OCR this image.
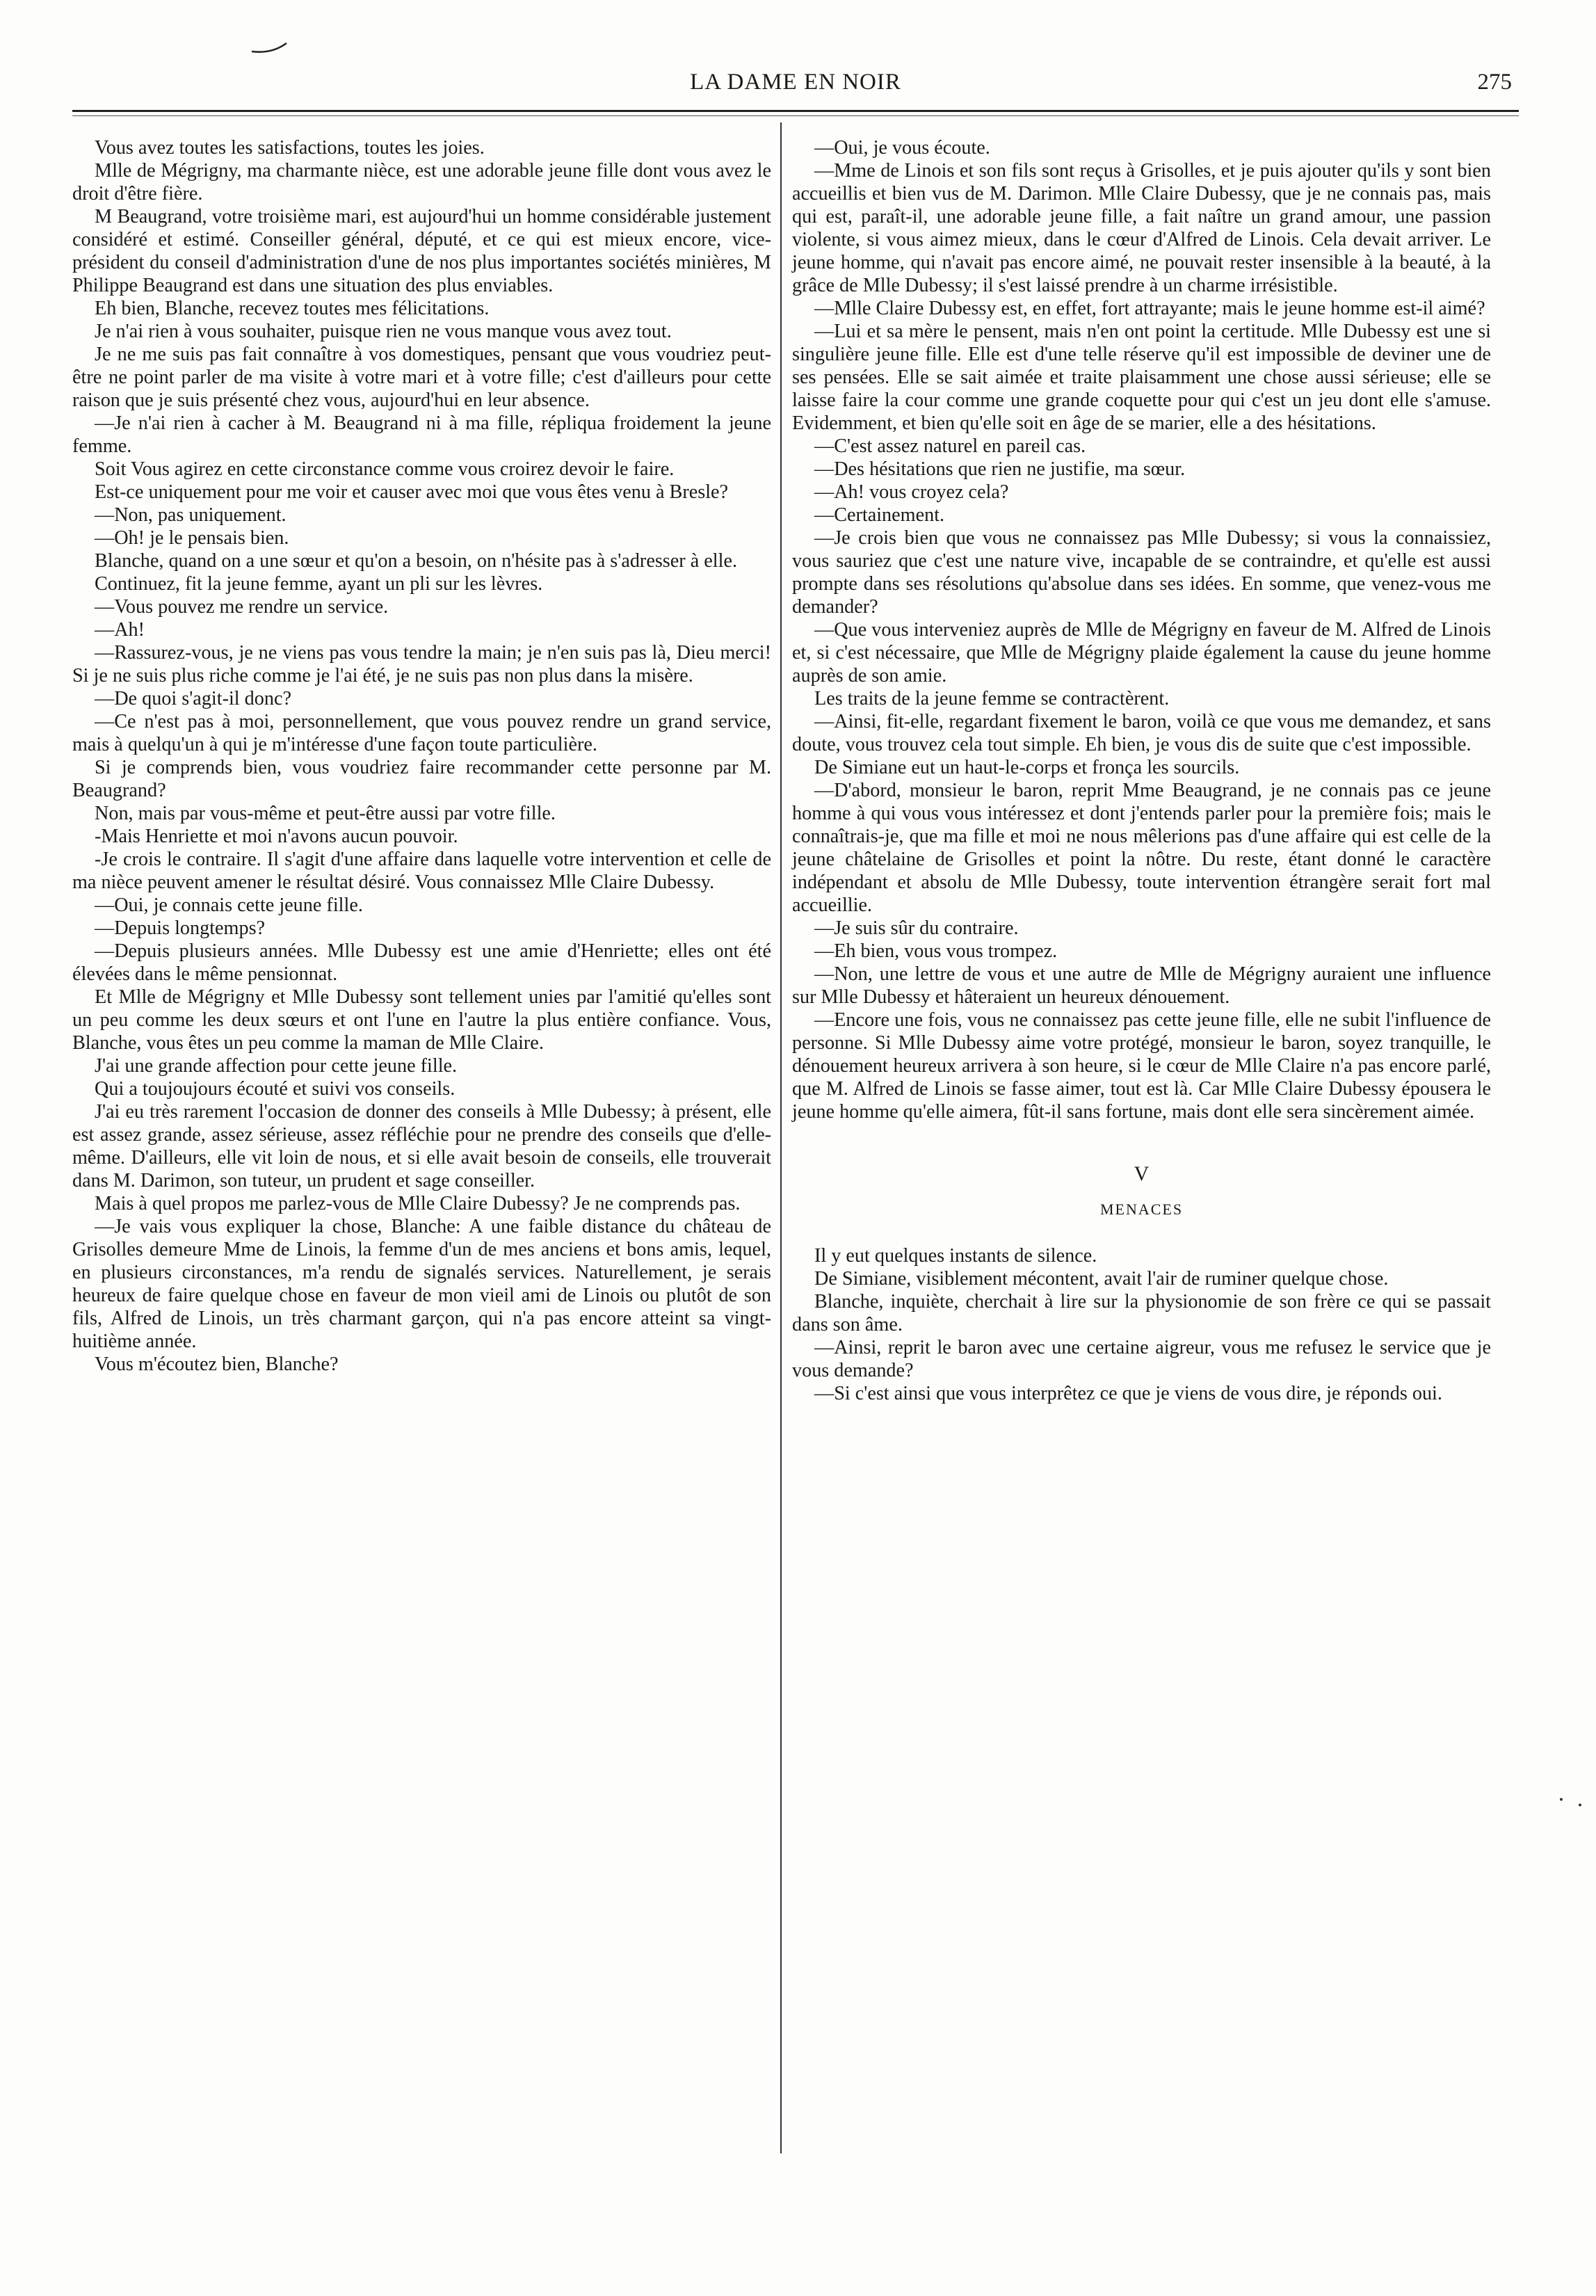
LA DAME EN NOIR	275

Vous avez toutes les satisfactions, toutes les joies.

Mlle de Mégrigny, ma charmante nièce, est une adorable jeune fille dont vous avez le droit d'être fière.

M Beaugrand, votre troisième mari, est aujourd'hui un homme considérable justement considéré et estimé. Conseiller général, député, et ce qui est mieux encore, vice-président du conseil d'administration d'une de nos plus importantes sociétés minières, M Philippe Beaugrand est dans une situation des plus enviables.

Eh bien, Blanche, recevez toutes mes félicitations.

Je n'ai rien à vous souhaiter, puisque rien ne vous manque vous avez tout.

Je ne me suis pas fait connaître à vos domestiques, pensant que vous voudriez peut-être ne point parler de ma visite à votre mari et à votre fille; c'est d'ailleurs pour cette raison que je suis présenté chez vous, aujourd'hui en leur absence.

—Je n'ai rien à cacher à M. Beaugrand ni à ma fille, répliqua froidement la jeune femme.

Soit Vous agirez en cette circonstance comme vous croirez devoir le faire.

Est-ce uniquement pour me voir et causer avec moi que vous êtes venu à Bresle?

—Non, pas uniquement.

—Oh! je le pensais bien.

Blanche, quand on a une sœur et qu'on a besoin, on n'hésite pas à s'adresser à elle.

Continuez, fit la jeune femme, ayant un pli sur les lèvres.

—Vous pouvez me rendre un service.

—Ah!

—Rassurez-vous, je ne viens pas vous tendre la main; je n'en suis pas là, Dieu merci! Si je ne suis plus riche comme je l'ai été, je ne suis pas non plus dans la misère.

—De quoi s'agit-il donc?

—Ce n'est pas à moi, personnellement, que vous pouvez rendre un grand service, mais à quelqu'un à qui je m'intéresse d'une façon toute particulière.

Si je comprends bien, vous voudriez faire recommander cette personne par M. Beaugrand?

Non, mais par vous-même et peut-être aussi par votre fille.

-Mais Henriette et moi n'avons aucun pouvoir.

-Je crois le contraire. Il s'agit d'une affaire dans laquelle votre intervention et celle de ma nièce peuvent amener le résultat désiré. Vous connaissez Mlle Claire Dubessy.

—Oui, je connais cette jeune fille.

—Depuis longtemps?

—Depuis plusieurs années. Mlle Dubessy est une amie d'Henriette; elles ont été élevées dans le même pensionnat.

Et Mlle de Mégrigny et Mlle Dubessy sont tellement unies par l'amitié qu'elles sont un peu comme les deux sœurs et ont l'une en l'autre la plus entière confiance. Vous, Blanche, vous êtes un peu comme la maman de Mlle Claire.

J'ai une grande affection pour cette jeune fille.

Qui a toujoujours écouté et suivi vos conseils.

J'ai eu très rarement l'occasion de donner des conseils à Mlle Dubessy; à présent, elle est assez grande, assez sérieuse, assez réfléchie pour ne prendre des conseils que d'elle-même. D'ailleurs, elle vit loin de nous, et si elle avait besoin de conseils, elle trouverait dans M. Darimon, son tuteur, un prudent et sage conseiller.

Mais à quel propos me parlez-vous de Mlle Claire Dubessy? Je ne comprends pas.

—Je vais vous expliquer la chose, Blanche: A une faible distance du château de Grisolles demeure Mme de Linois, la femme d'un de mes anciens et bons amis, lequel, en plusieurs circonstances, m'a rendu de signalés services. Naturellement, je serais heureux de faire quelque chose en faveur de mon vieil ami de Linois ou plutôt de son fils, Alfred de Linois, un très charmant garçon, qui n'a pas encore atteint sa vingt-huitième année.

Vous m'écoutez bien, Blanche?

—Oui, je vous écoute.

—Mme de Linois et son fils sont reçus à Grisolles, et je puis ajouter qu'ils y sont bien accueillis et bien vus de M. Darimon. Mlle Claire Dubessy, que je ne connais pas, mais qui est, paraît-il, une adorable jeune fille, a fait naître un grand amour, une passion violente, si vous aimez mieux, dans le cœur d'Alfred de Linois. Cela devait arriver. Le jeune homme, qui n'avait pas encore aimé, ne pouvait rester insensible à la beauté, à la grâce de Mlle Dubessy; il s'est laissé prendre à un charme irrésistible.

—Mlle Claire Dubessy est, en effet, fort attrayante; mais le jeune homme est-il aimé?

—Lui et sa mère le pensent, mais n'en ont point la certitude. Mlle Dubessy est une si singulière jeune fille. Elle est d'une telle réserve qu'il est impossible de deviner une de ses pensées. Elle se sait aimée et traite plaisamment une chose aussi sérieuse; elle se laisse faire la cour comme une grande coquette pour qui c'est un jeu dont elle s'amuse. Evidemment, et bien qu'elle soit en âge de se marier, elle a des hésitations.

—C'est assez naturel en pareil cas.

—Des hésitations que rien ne justifie, ma sœur.

—Ah! vous croyez cela?

—Certainement.

—Je crois bien que vous ne connaissez pas Mlle Dubessy; si vous la connaissiez, vous sauriez que c'est une nature vive, incapable de se contraindre, et qu'elle est aussi prompte dans ses résolutions qu'absolue dans ses idées. En somme, que venez-vous me demander?

—Que vous interveniez auprès de Mlle de Mégrigny en faveur de M. Alfred de Linois et, si c'est nécessaire, que Mlle de Mégrigny plaide également la cause du jeune homme auprès de son amie.

Les traits de la jeune femme se contractèrent.

—Ainsi, fit-elle, regardant fixement le baron, voilà ce que vous me demandez, et sans doute, vous trouvez cela tout simple. Eh bien, je vous dis de suite que c'est impossible.

De Simiane eut un haut-le-corps et fronça les sourcils.

—D'abord, monsieur le baron, reprit Mme Beaugrand, je ne connais pas ce jeune homme à qui vous vous intéressez et dont j'entends parler pour la première fois; mais le connaîtrais-je, que ma fille et moi ne nous mêlerions pas d'une affaire qui est celle de la jeune châtelaine de Grisolles et point la nôtre. Du reste, étant donné le caractère indépendant et absolu de Mlle Dubessy, toute intervention étrangère serait fort mal accueillie.

—Je suis sûr du contraire.

—Eh bien, vous vous trompez.

—Non, une lettre de vous et une autre de Mlle de Mégrigny auraient une influence sur Mlle Dubessy et hâteraient un heureux dénouement.

—Encore une fois, vous ne connaissez pas cette jeune fille, elle ne subit l'influence de personne. Si Mlle Dubessy aime votre protégé, monsieur le baron, soyez tranquille, le dénouement heureux arrivera à son heure, si le cœur de Mlle Claire n'a pas encore parlé, que M. Alfred de Linois se fasse aimer, tout est là. Car Mlle Claire Dubessy épousera le jeune homme qu'elle aimera, fût-il sans fortune, mais dont elle sera sincèrement aimée.

V

MENACES

Il y eut quelques instants de silence.

De Simiane, visiblement mécontent, avait l'air de ruminer quelque chose.

Blanche, inquiète, cherchait à lire sur la physionomie de son frère ce qui se passait dans son âme.

—Ainsi, reprit le baron avec une certaine aigreur, vous me refusez le service que je vous demande?

—Si c'est ainsi que vous interprêtez ce que je viens de vous dire, je réponds oui.
